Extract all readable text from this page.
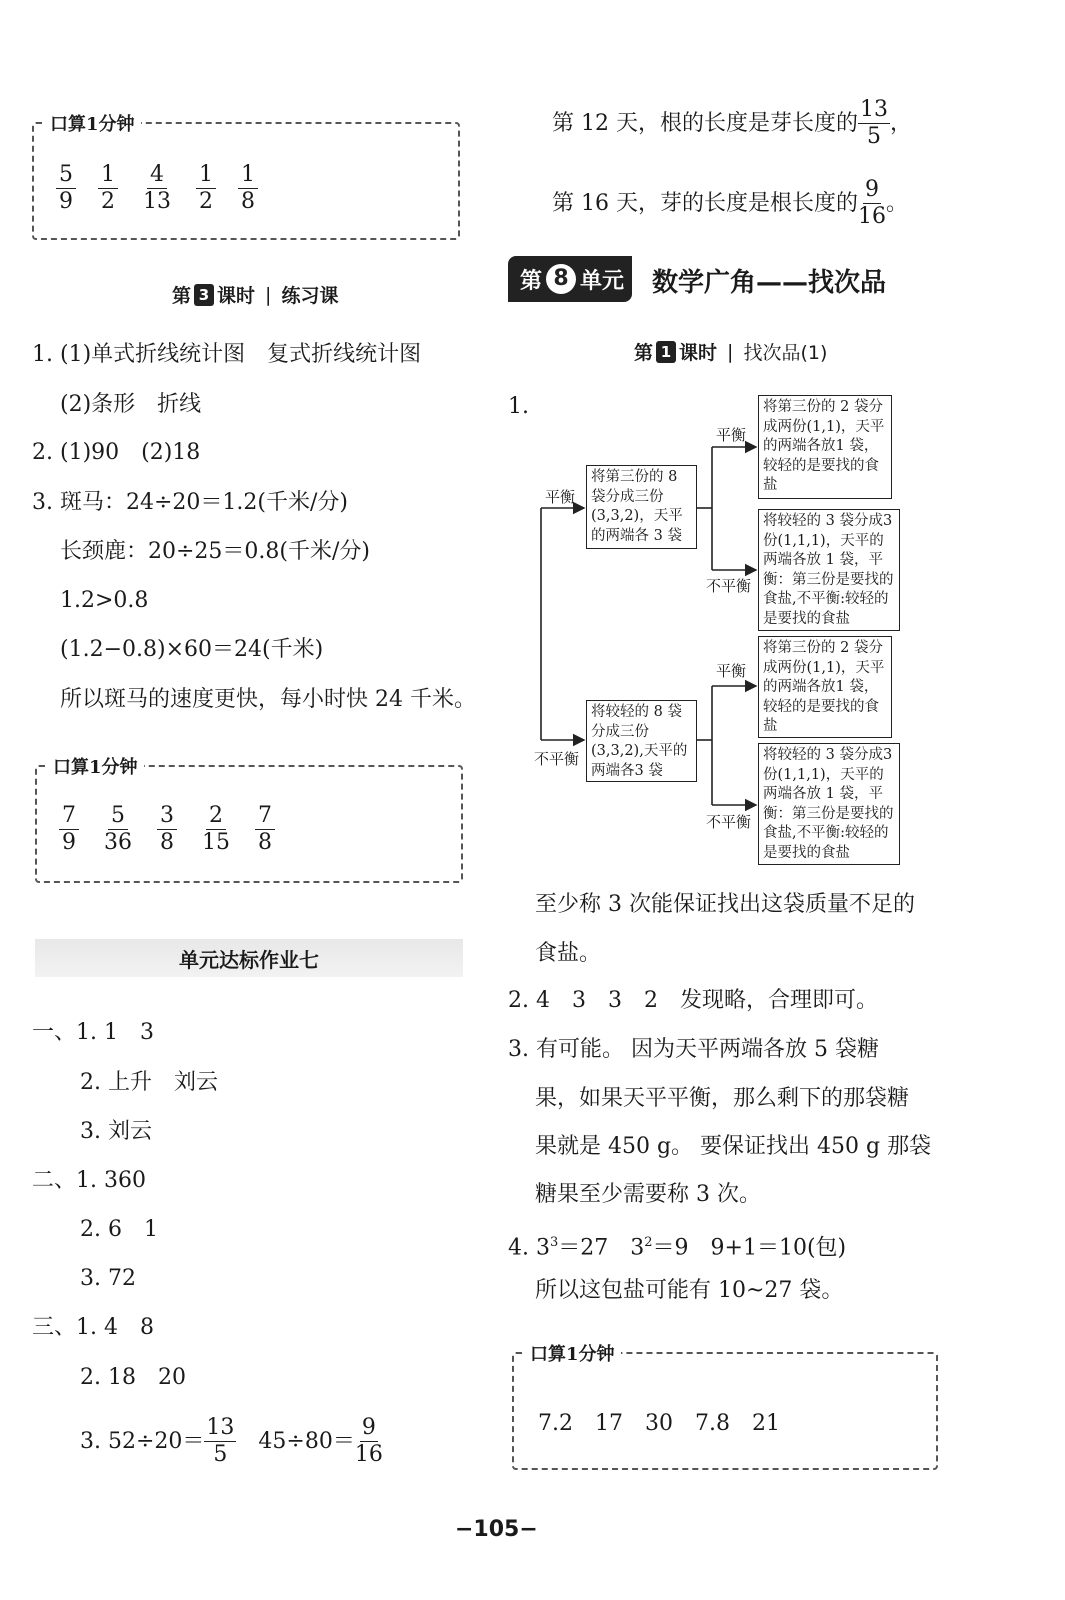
口算1分钟
$\frac{5}{9} \frac{1}{2} \frac{4}{13} \frac{1}{2} \frac{1}{8}$
第 3 课时 | 练习课
1. (1)单式折线统计图　复式折线统计图
(2)条形　折线
2. (1)90　(2)18
3. 斑马：24÷20＝1.2(千米/分)
长颈鹿：20÷25＝0.8(千米/分)
1.2>0.8
(1.2−0.8)×60＝24(千米)
所以斑马的速度更快，每小时快 24 千米。
口算1分钟
$\frac{7}{9} \frac{5}{36} \frac{3}{8} \frac{2}{15} \frac{7}{8}$
单元达标作业七
一、1. 1　3
2. 上升　刘云
3. 刘云
二、1. 360
2. 6　1
3. 72
三、1. 4　8
2. 18　20
3. 52÷20＝
13
5
45÷80＝
9
16
第 12 天，根的长度是芽长度的
13
5
，
第 16 天，芽的长度是根长度的
9
16
。
第 8 单元 数学广角——找次品
第 1 课时 | 找次品(1)
1.
平衡
不平衡
平衡
不平衡
平衡
不平衡
将第三份的 8 袋分成三份(3,3,2)，天平的两端各 3 袋
将较轻的 8 袋分成三份(3,3,2),天平的两端各3 袋
将第三份的 2 袋分成两份(1,1)，天平的两端各放1 袋，较轻的是要找的食盐
将较轻的 3 袋分成3 份(1,1,1)，天平的两端各放 1 袋，平衡：第三份是要找的食盐,不平衡:较轻的是要找的食盐
将第三份的 2 袋分成两份(1,1)，天平的两端各放1 袋，较轻的是要找的食盐
将较轻的 3 袋分成3 份(1,1,1)，天平的两端各放 1 袋，平衡：第三份是要找的食盐,不平衡:较轻的是要找的食盐
至少称 3 次能保证找出这袋质量不足的
食盐。
2. 4　3　3　2　发现略，合理即可。
3. 有可能。 因为天平两端各放 5 袋糖
果，如果天平平衡，那么剩下的那袋糖
果就是 450 g。 要保证找出 450 g 那袋
糖果至少需要称 3 次。
4. $3^3=27$　$3^2=9$　9+1＝10(包)
所以这包盐可能有 10~27 袋。
口算1分钟
7.2　17　30　7.8　21
−105−
